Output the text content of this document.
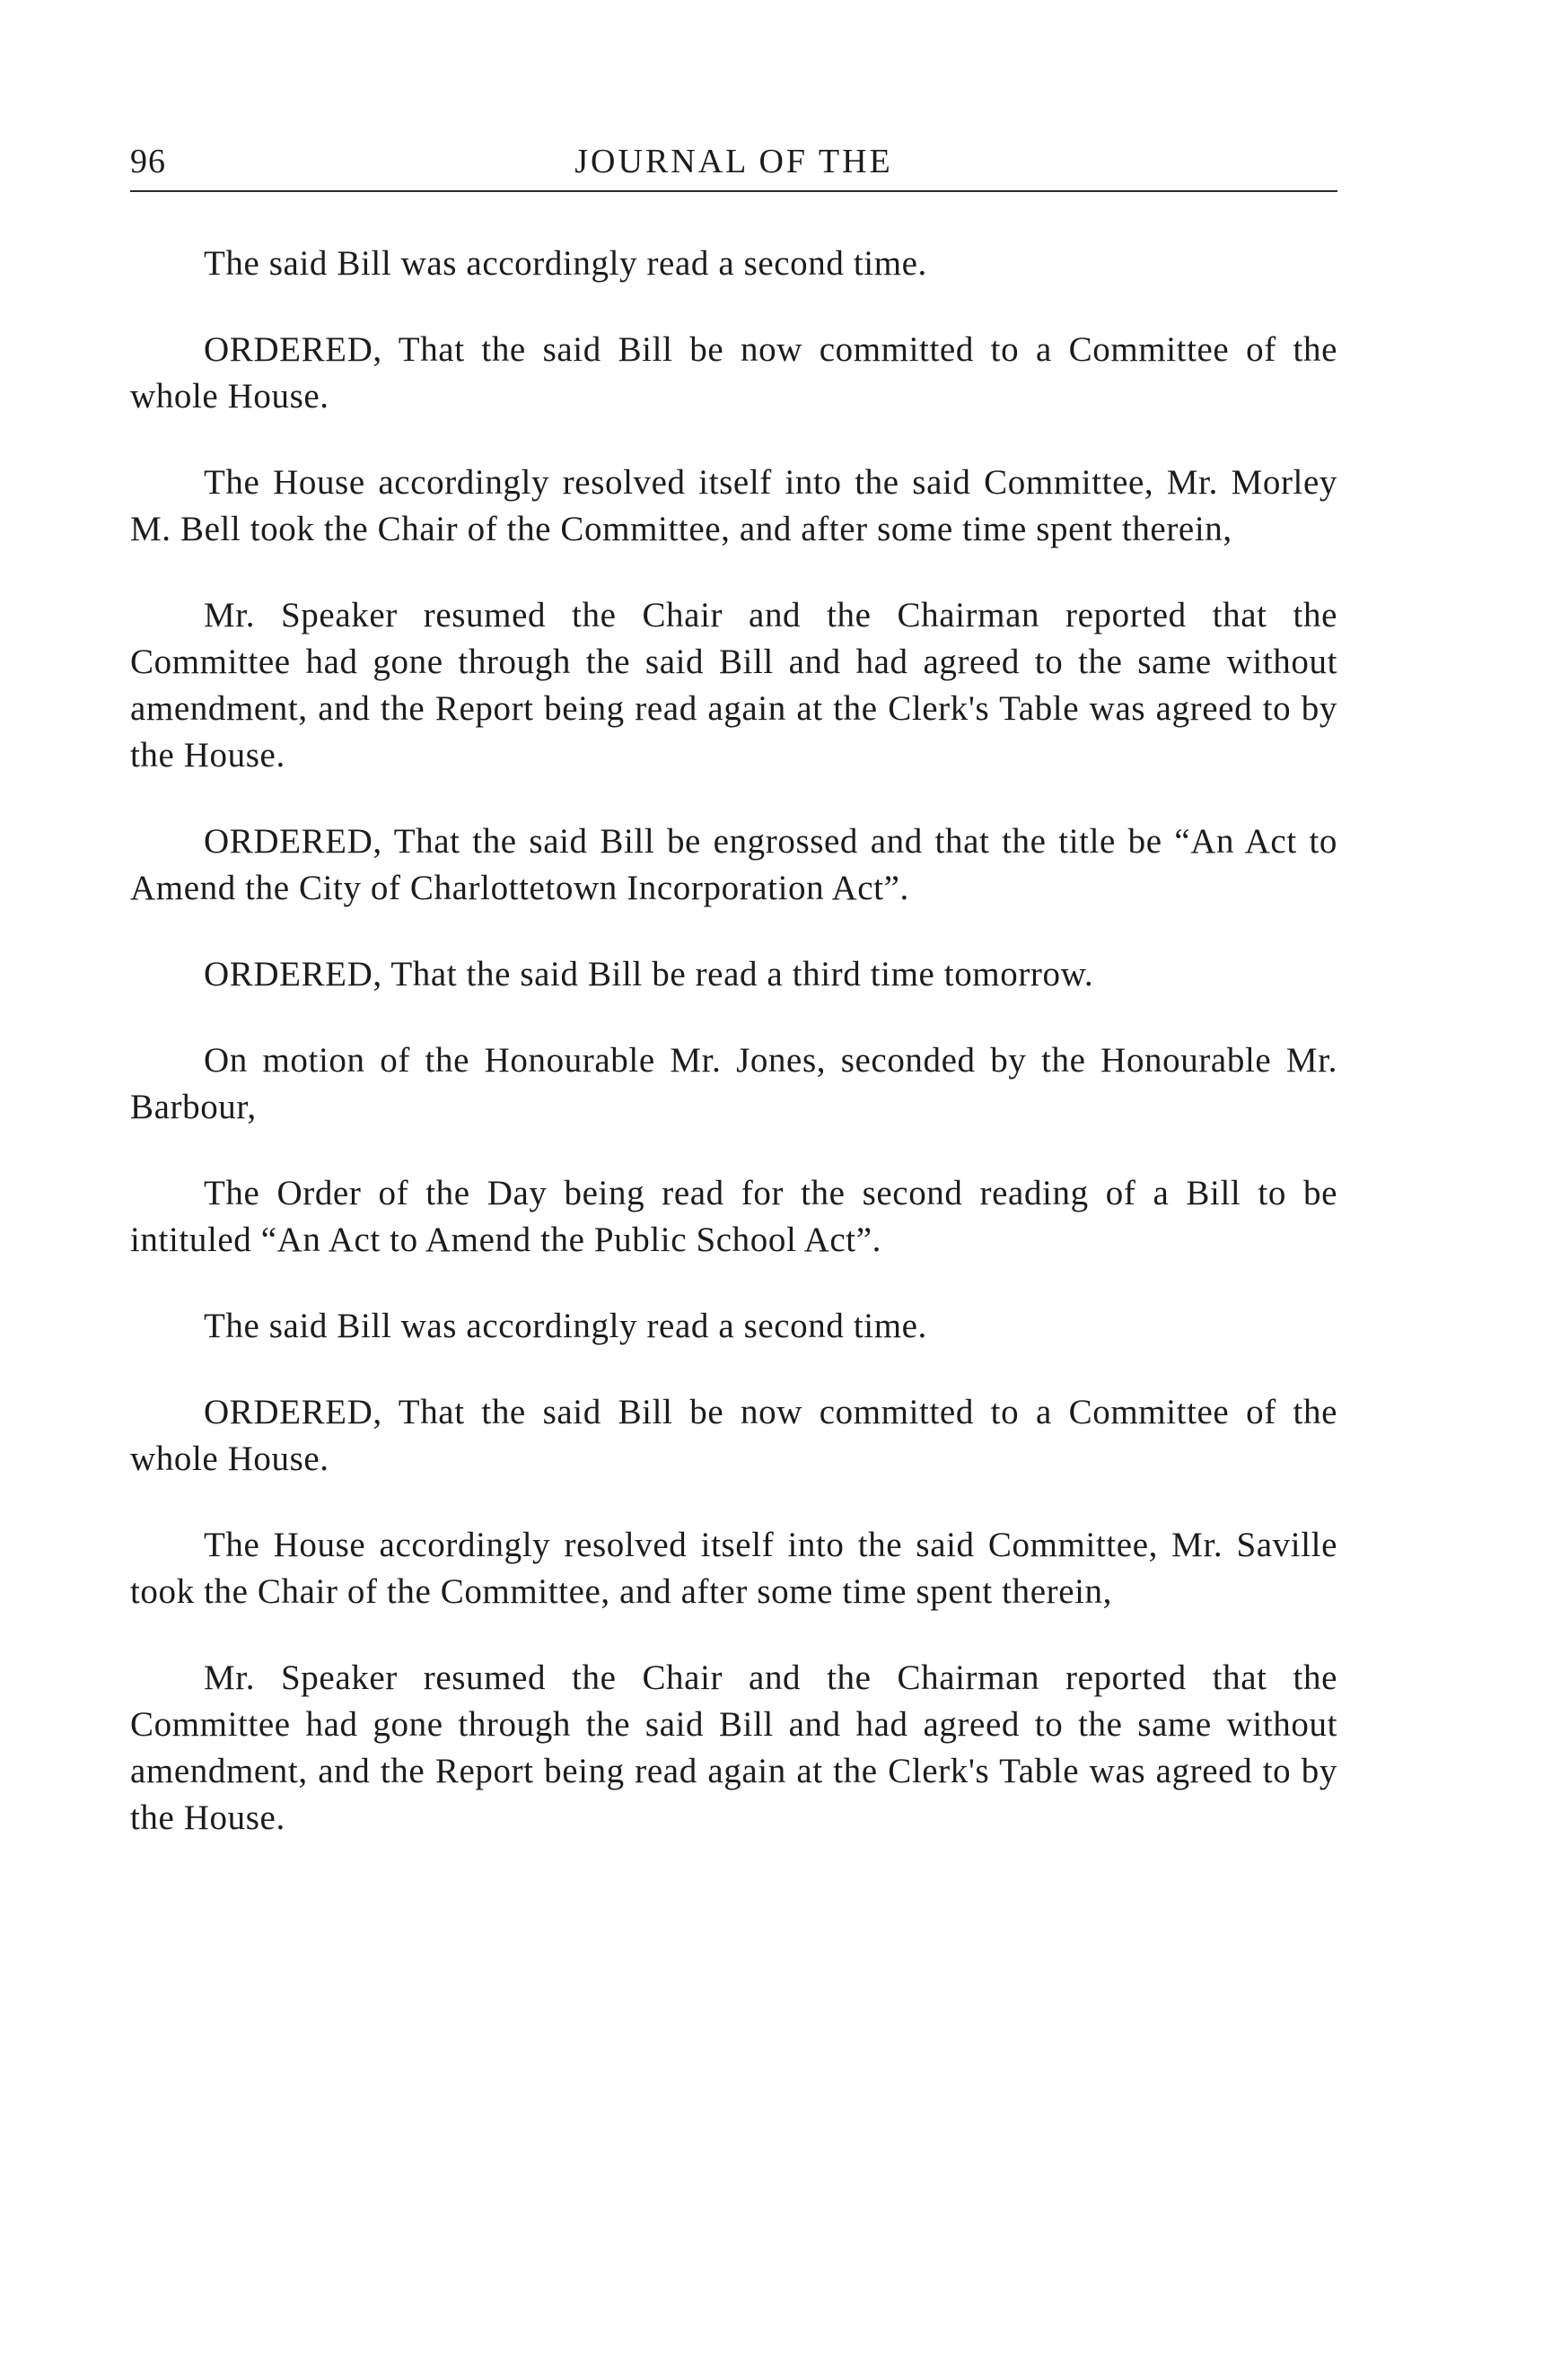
96	JOURNAL OF THE

The said Bill was accordingly read a second time.

ORDERED, That the said Bill be now committed to a Committee of the whole House.

The House accordingly resolved itself into the said Committee, Mr. Morley M. Bell took the Chair of the Committee, and after some time spent therein,

Mr. Speaker resumed the Chair and the Chairman reported that the Committee had gone through the said Bill and had agreed to the same without amendment, and the Report being read again at the Clerk's Table was agreed to by the House.

ORDERED, That the said Bill be engrossed and that the title be “An Act to Amend the City of Charlottetown Incorporation Act”.

ORDERED, That the said Bill be read a third time tomorrow.

On motion of the Honourable Mr. Jones, seconded by the Honourable Mr. Barbour,

The Order of the Day being read for the second reading of a Bill to be intituled “An Act to Amend the Public School Act”.

The said Bill was accordingly read a second time.

ORDERED, That the said Bill be now committed to a Committee of the whole House.

The House accordingly resolved itself into the said Committee, Mr. Saville took the Chair of the Committee, and after some time spent therein,

Mr. Speaker resumed the Chair and the Chairman reported that the Committee had gone through the said Bill and had agreed to the same without amendment, and the Report being read again at the Clerk's Table was agreed to by the House.
